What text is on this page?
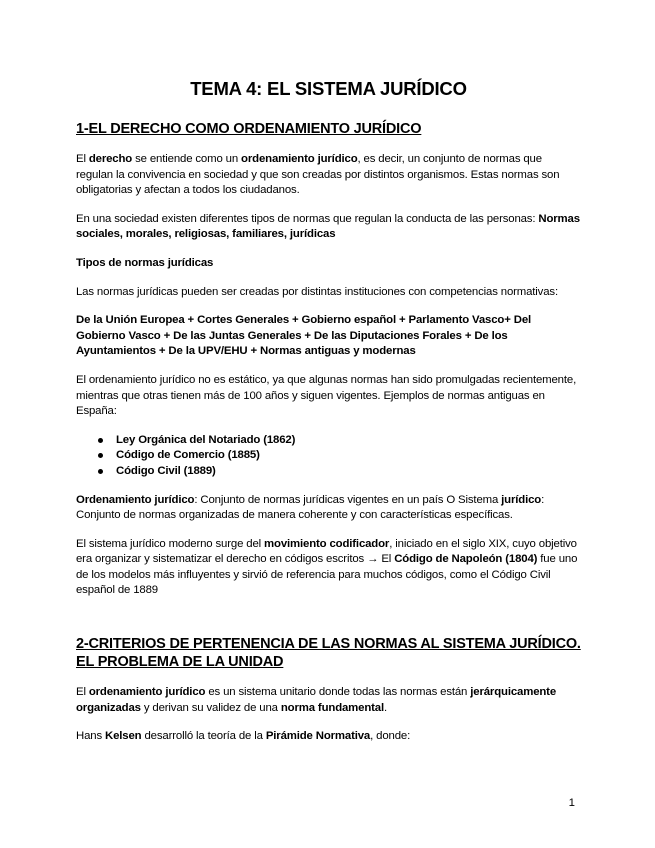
TEMA 4: EL SISTEMA JURÍDICO
1-EL DERECHO COMO ORDENAMIENTO JURÍDICO

El derecho se entiende como un ordenamiento jurídico, es decir, un conjunto de normas que regulan la convivencia en sociedad y que son creadas por distintos organismos. Estas normas son obligatorias y afectan a todos los ciudadanos.

En una sociedad existen diferentes tipos de normas que regulan la conducta de las personas: Normas sociales, morales, religiosas, familiares, jurídicas

Tipos de normas jurídicas

Las normas jurídicas pueden ser creadas por distintas instituciones con competencias normativas:

De la Unión Europea + Cortes Generales + Gobierno español + Parlamento Vasco+ Del Gobierno Vasco + De las Juntas Generales + De las Diputaciones Forales + De los Ayuntamientos + De la UPV/EHU + Normas antiguas y modernas

El ordenamiento jurídico no es estático, ya que algunas normas han sido promulgadas recientemente, mientras que otras tienen más de 100 años y siguen vigentes. Ejemplos de normas antiguas en España:

Ley Orgánica del Notariado (1862)
Código de Comercio (1885)
Código Civil (1889)

Ordenamiento jurídico: Conjunto de normas jurídicas vigentes en un país O Sistema jurídico: Conjunto de normas organizadas de manera coherente y con características específicas.

El sistema jurídico moderno surge del movimiento codificador, iniciado en el siglo XIX, cuyo objetivo era organizar y sistematizar el derecho en códigos escritos → El Código de Napoleón (1804) fue uno de los modelos más influyentes y sirvió de referencia para muchos códigos, como el Código Civil español de 1889

2-CRITERIOS DE PERTENENCIA DE LAS NORMAS AL SISTEMA JURÍDICO. EL PROBLEMA DE LA UNIDAD

El ordenamiento jurídico es un sistema unitario donde todas las normas están jerárquicamente organizadas y derivan su validez de una norma fundamental.

Hans Kelsen desarrolló la teoría de la Pirámide Normativa, donde:

1
